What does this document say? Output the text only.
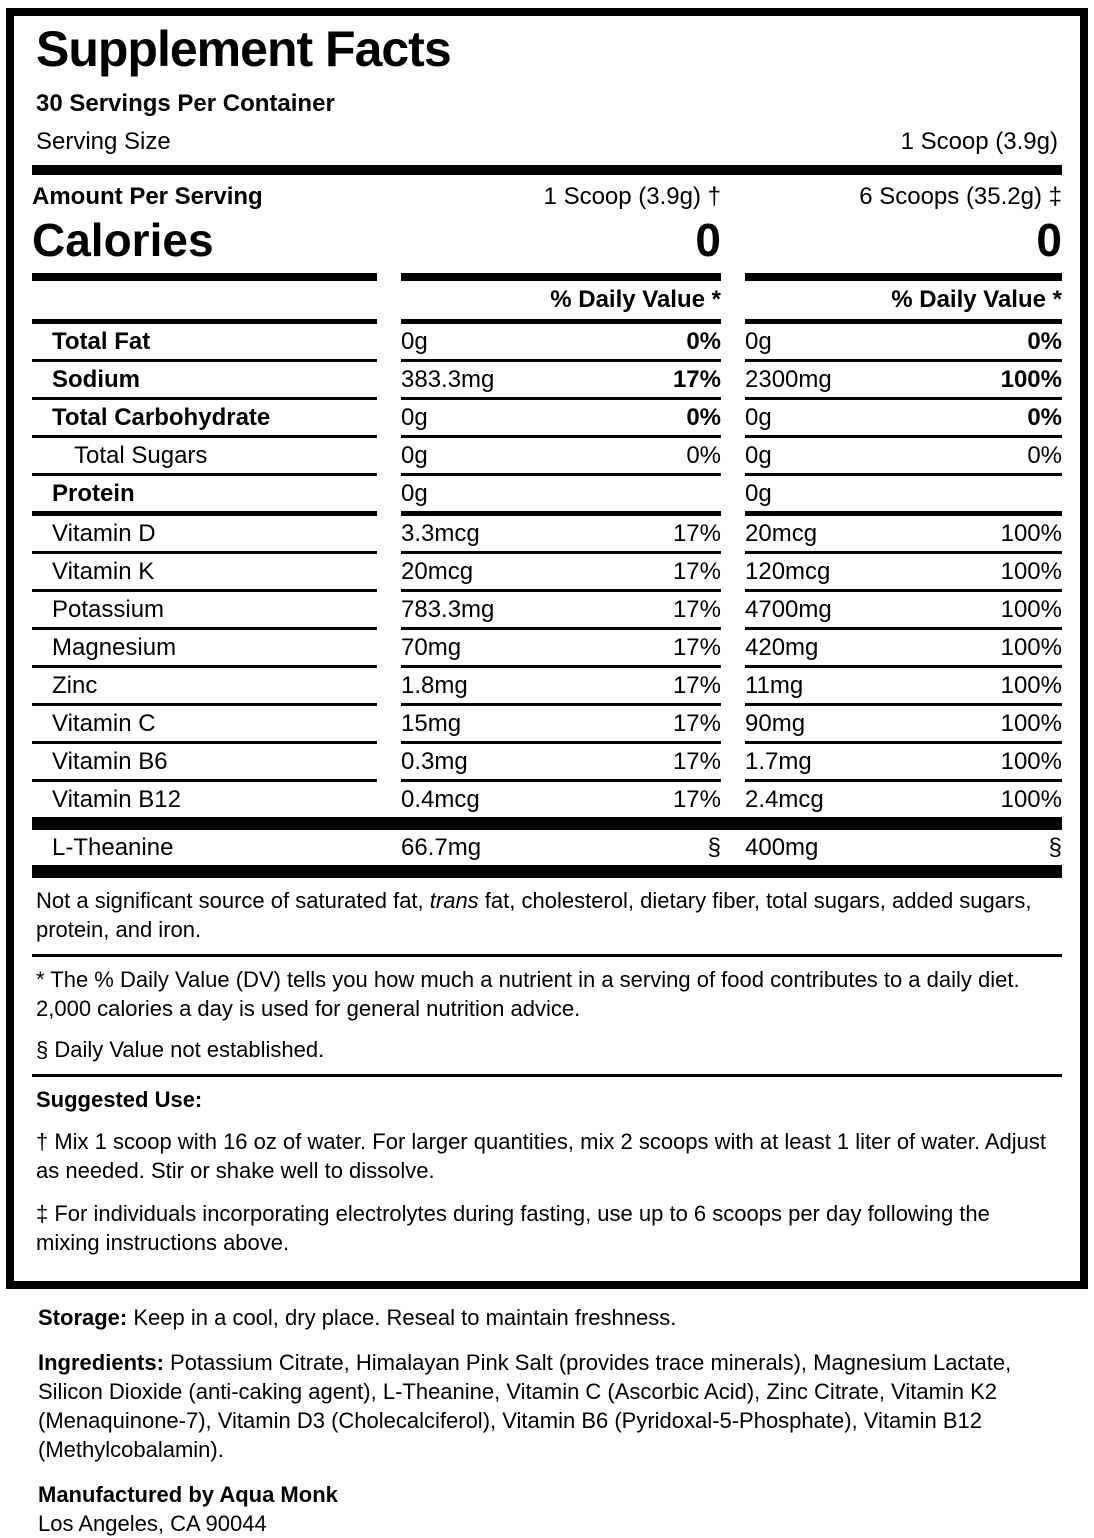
Supplement Facts
30 Servings Per Container
Serving Size	1 Scoop (3.9g)
Amount Per Serving	1 Scoop (3.9g) †	6 Scoops (35.2g) ‡
Calories	0	0
% Daily Value *	% Daily Value *
Total Fat	0g	0% 0g	0%
Sodium	383.3mg	17% 2300mg	100%
Total Carbohydrate	0g	0% 0g	0%
Total Sugars	0g	0% 0g	0%
Protein	0g	0g
Vitamin D	3.3mcg	17% 20mcg	100%
Vitamin K	20mcg	17% 120mcg	100%
Potassium	783.3mg	17% 4700mg	100%
Magnesium	70mg	17% 420mg	100%
Zinc	1.8mg	17% 11mg	100%
Vitamin C	15mg	17% 90mg	100%
Vitamin B6	0.3mg	17% 1.7mg	100%
Vitamin B12	0.4mcg	17% 2.4mcg	100%
L-Theanine	66.7mg	§ 400mg	§
Not a significant source of saturated fat, trans fat, cholesterol, dietary fiber, total sugars, added sugars, protein, and iron.
* The % Daily Value (DV) tells you how much a nutrient in a serving of food contributes to a daily diet. 2,000 calories a day is used for general nutrition advice.
§ Daily Value not established.
Suggested Use:
† Mix 1 scoop with 16 oz of water. For larger quantities, mix 2 scoops with at least 1 liter of water. Adjust as needed. Stir or shake well to dissolve.
‡ For individuals incorporating electrolytes during fasting, use up to 6 scoops per day following the mixing instructions above.

Storage: Keep in a cool, dry place. Reseal to maintain freshness.

Ingredients: Potassium Citrate, Himalayan Pink Salt (provides trace minerals), Magnesium Lactate, Silicon Dioxide (anti-caking agent), L-Theanine, Vitamin C (Ascorbic Acid), Zinc Citrate, Vitamin K2 (Menaquinone-7), Vitamin D3 (Cholecalciferol), Vitamin B6 (Pyridoxal-5-Phosphate), Vitamin B12 (Methylcobalamin).

Manufactured by Aqua Monk

Los Angeles, CA 90044
